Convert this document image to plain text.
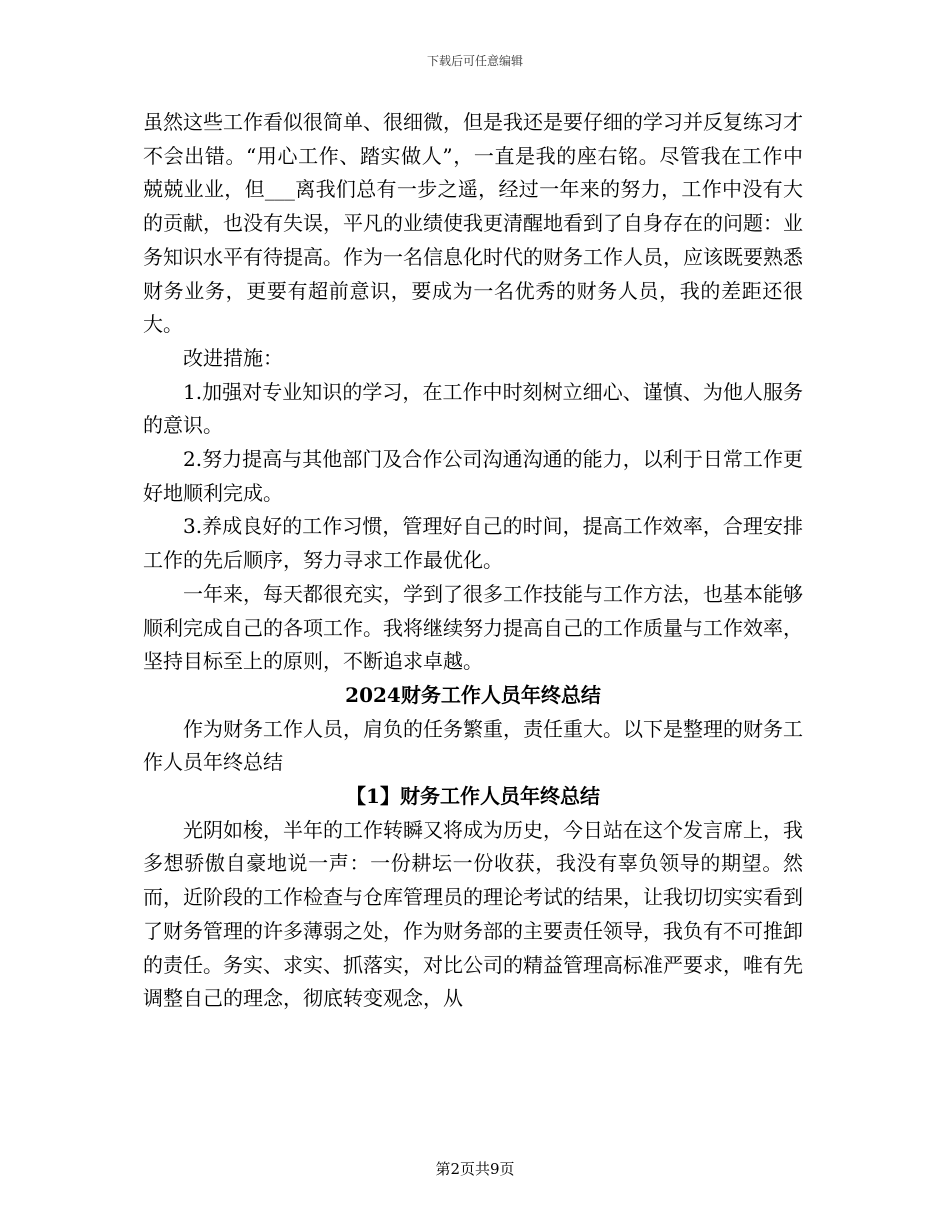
下载后可任意编辑

虽然这些工作看似很简单、很细微，但是我还是要仔细的学习并反复练习才不会出错。“用心工作、踏实做人”，一直是我的座右铭。尽管我在工作中兢兢业业，但___离我们总有一步之遥，经过一年来的努力，工作中没有大的贡献，也没有失误，平凡的业绩使我更清醒地看到了自身存在的问题：业务知识水平有待提高。作为一名信息化时代的财务工作人员，应该既要熟悉财务业务，更要有超前意识，要成为一名优秀的财务人员，我的差距还很大。

改进措施：

1.加强对专业知识的学习，在工作中时刻树立细心、谨慎、为他人服务的意识。

2.努力提高与其他部门及合作公司沟通沟通的能力，以利于日常工作更好地顺利完成。

3.养成良好的工作习惯，管理好自己的时间，提高工作效率，合理安排工作的先后顺序，努力寻求工作最优化。

一年来，每天都很充实，学到了很多工作技能与工作方法，也基本能够顺利完成自己的各项工作。我将继续努力提高自己的工作质量与工作效率，坚持目标至上的原则，不断追求卓越。

2024财务工作人员年终总结

作为财务工作人员，肩负的任务繁重，责任重大。以下是整理的财务工作人员年终总结

【1】财务工作人员年终总结

光阴如梭，半年的工作转瞬又将成为历史，今日站在这个发言席上，我多想骄傲自豪地说一声：一份耕坛一份收获，我没有辜负领导的期望。然而，近阶段的工作检查与仓库管理员的理论考试的结果，让我切切实实看到了财务管理的许多薄弱之处，作为财务部的主要责任领导，我负有不可推卸的责任。务实、求实、抓落实，对比公司的精益管理高标准严要求，唯有先调整自己的理念，彻底转变观念，从

第2页共9页
